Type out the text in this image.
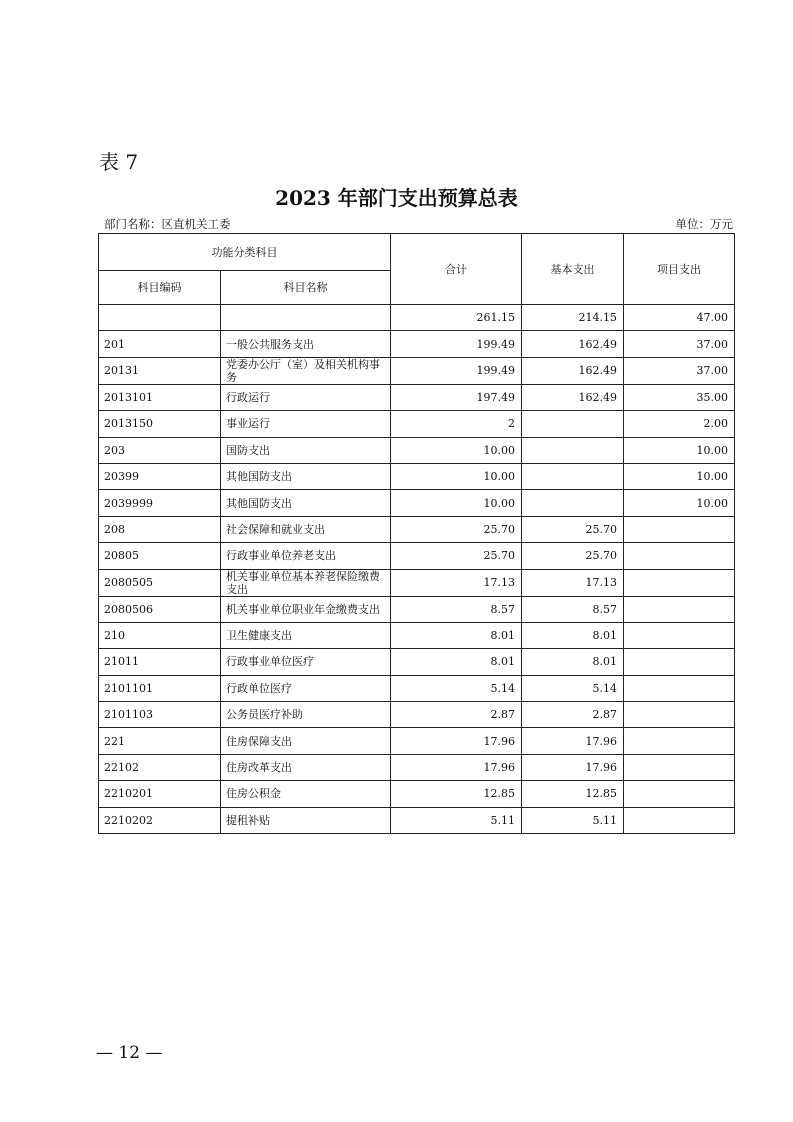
表 7
2023 年部门支出预算总表
部门名称：区直机关工委	单位：万元
功能分类科目		合计	基本支出	项目支出
科目编码	科目名称			
		261.15	214.15	47.00
201	一般公共服务支出	199.49	162.49	37.00
20131	党委办公厅（室）及相关机构事务	199.49	162.49	37.00
2013101	行政运行	197.49	162.49	35.00
2013150	事业运行	2		2.00
203	国防支出	10.00		10.00
20399	其他国防支出	10.00		10.00
2039999	其他国防支出	10.00		10.00
208	社会保障和就业支出	25.70	25.70	
20805	行政事业单位养老支出	25.70	25.70	
2080505	机关事业单位基本养老保险缴费支出	17.13	17.13	
2080506	机关事业单位职业年金缴费支出	8.57	8.57	
210	卫生健康支出	8.01	8.01	
21011	行政事业单位医疗	8.01	8.01	
2101101	行政单位医疗	5.14	5.14	
2101103	公务员医疗补助	2.87	2.87	
221	住房保障支出	17.96	17.96	
22102	住房改革支出	17.96	17.96	
2210201	住房公积金	12.85	12.85	
2210202	提租补贴	5.11	5.11	
— 12 —
